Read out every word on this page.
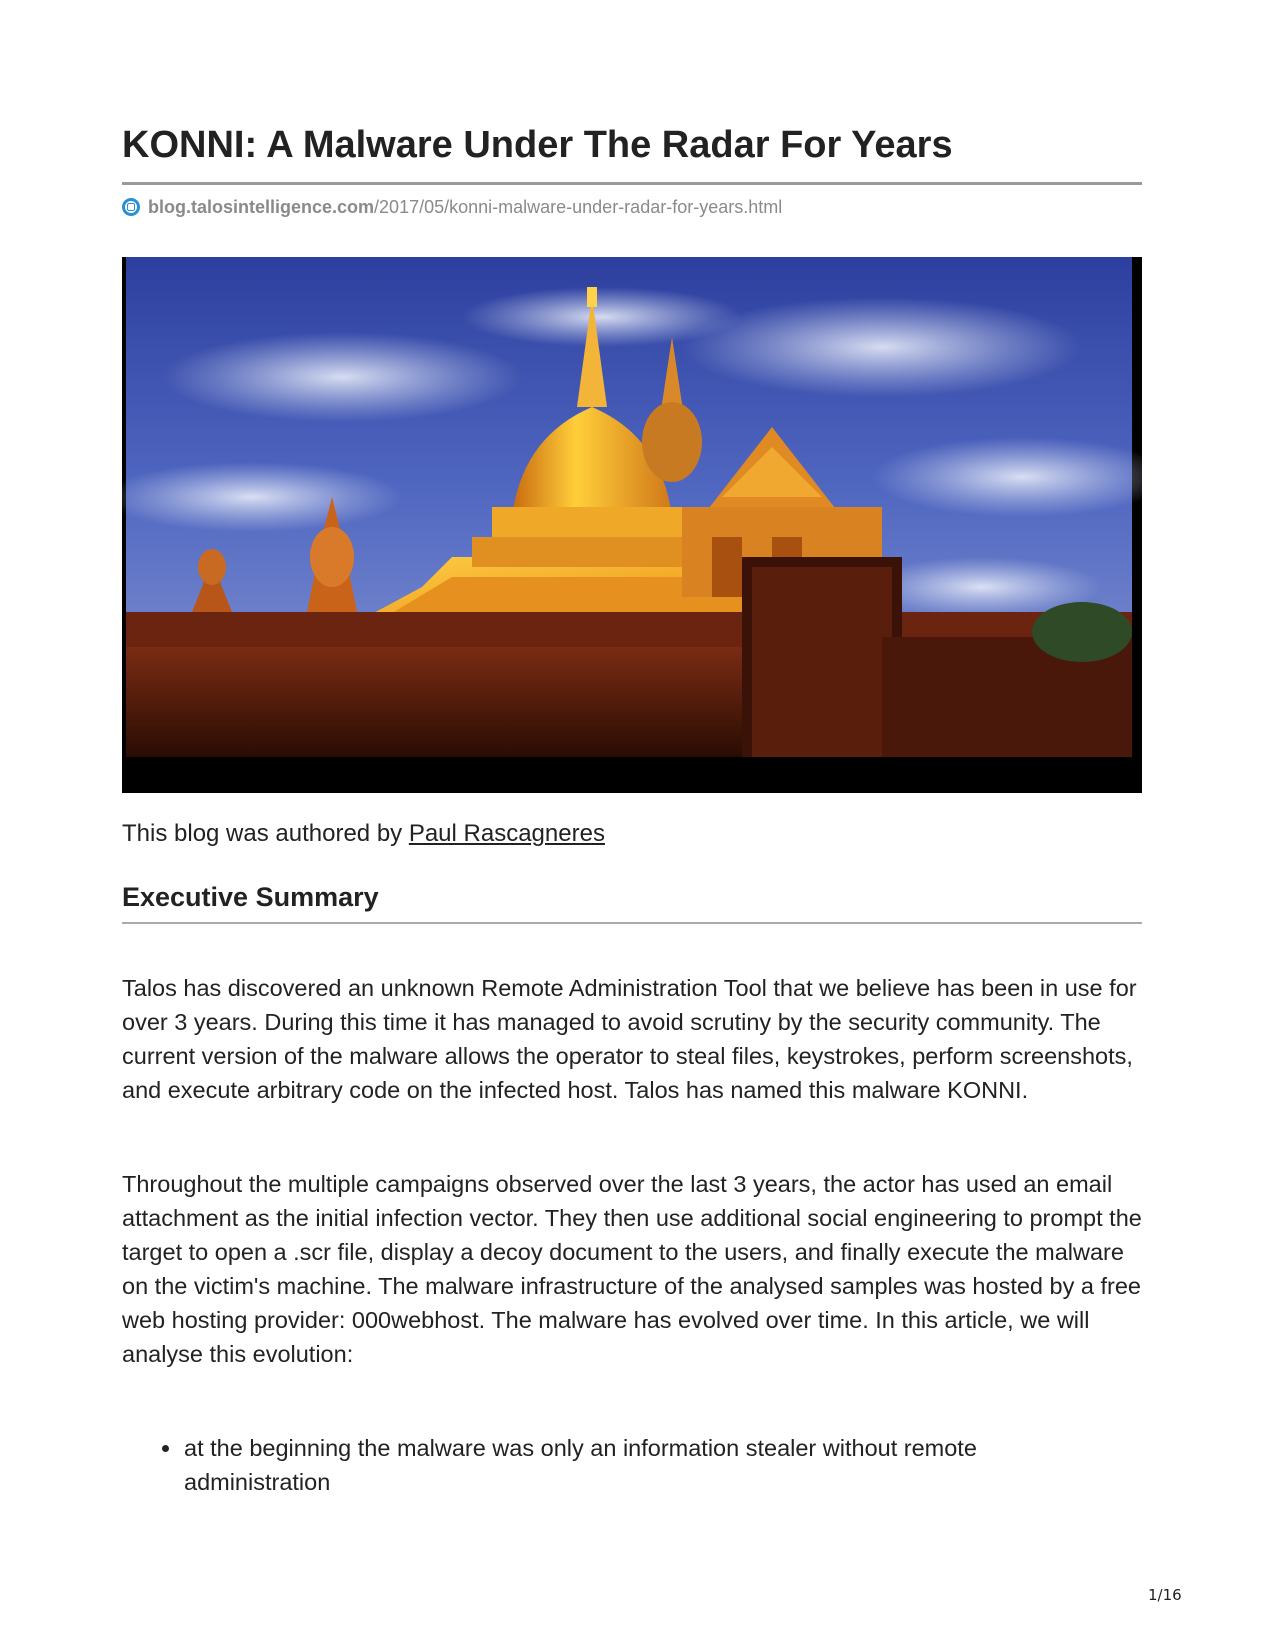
KONNI: A Malware Under The Radar For Years
blog.talosintelligence.com /2017/05/konni-malware-under-radar-for-years.html
This blog was authored by Paul Rascagneres
Executive Summary

Talos has discovered an unknown Remote Administration Tool that we believe has been in use for over 3 years. During this time it has managed to avoid scrutiny by the security community. The current version of the malware allows the operator to steal files, keystrokes, perform screenshots, and execute arbitrary code on the infected host. Talos has named this malware KONNI.

Throughout the multiple campaigns observed over the last 3 years, the actor has used an email attachment as the initial infection vector. They then use additional social engineering to prompt the target to open a .scr file, display a decoy document to the users, and finally execute the malware on the victim's machine. The malware infrastructure of the analysed samples was hosted by a free web hosting provider: 000webhost. The malware has evolved over time. In this article, we will analyse this evolution:

at the beginning the malware was only an information stealer without remote administration
1/16
